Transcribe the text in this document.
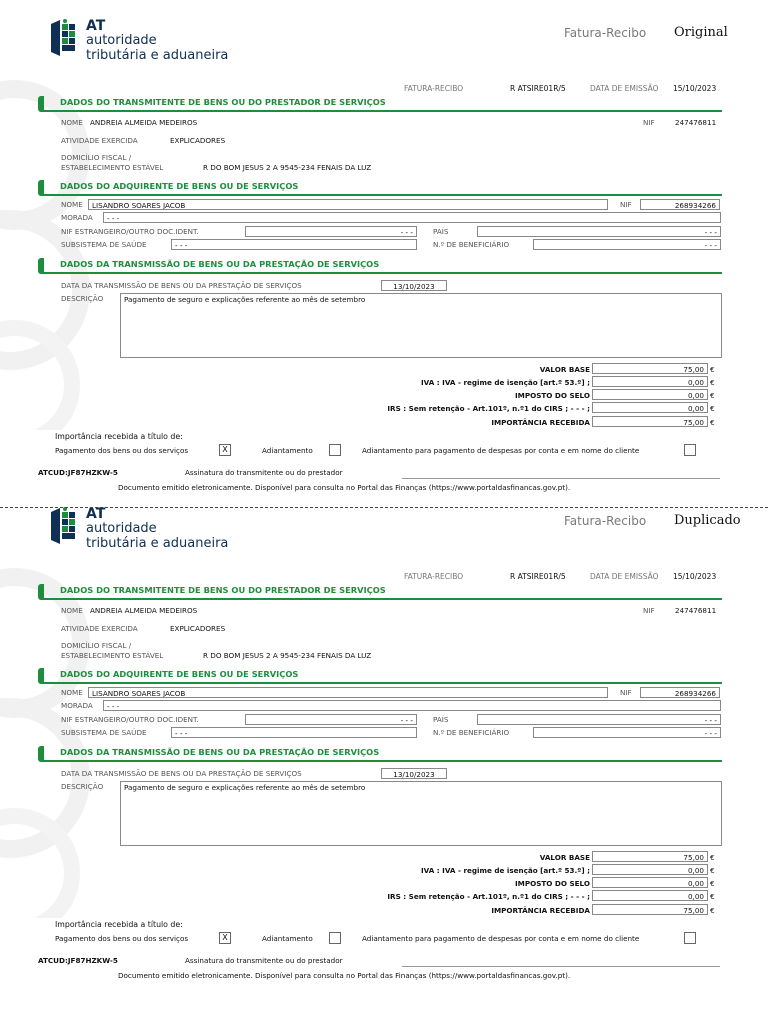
AT
autoridade
tributária e aduaneira
Fatura-Recibo Original
FATURA-RECIBO	R ATSIRE01R/5	DATA DE EMISSÃO 15/10/2023
DADOS DO TRANSMITENTE DE BENS OU DO PRESTADOR DE SERVIÇOS
NOME ANDREIA ALMEIDA MEDEIROS	NIF	247476811
ATIVIDADE EXERCIDA	EXPLICADORES
DOMICÍLIO FISCAL /
ESTABELECIMENTO ESTÁVEL	R DO BOM JESUS 2 A 9545-234 FENAIS DA LUZ
DADOS DO ADQUIRENTE DE BENS OU DE SERVIÇOS
NOME	LISANDRO SOARES JACOB	NIF	268934266
MORADA	- - -
NIF ESTRANGEIRO/OUTRO DOC.IDENT.	- - -	PAÍS	- - -
SUBSISTEMA DE SAÚDE	- - -	N.º DE BENEFICIÁRIO	- - -
DADOS DA TRANSMISSÃO DE BENS OU DA PRESTAÇÃO DE SERVIÇOS
DATA DA TRANSMISSÃO DE BENS OU DA PRESTAÇÃO DE SERVIÇOS	13/10/2023
DESCRIÇÃO	Pagamento de seguro e explicações referente ao mês de setembro
VALOR BASE	75,00 €
IVA : IVA - regime de isenção [art.º 53.º] ;	0,00 €
IMPOSTO DO SELO	0,00 €
IRS : Sem retenção - Art.101º, n.º1 do CIRS ; - - - ;	0,00 €
IMPORTÂNCIA RECEBIDA	75,00 €
Importância recebida a título de:
Pagamento dos bens ou dos serviços	X	Adiantamento	Adiantamento para pagamento de despesas por conta e em nome do cliente
ATCUD:JF87HZKW-5	Assinatura do transmitente ou do prestador
Documento emitido eletronicamente. Disponível para consulta no Portal das Finanças (https://www.portaldasfinancas.gov.pt).
AT
autoridade
tributária e aduaneira
Fatura-Recibo Duplicado
FATURA-RECIBO	R ATSIRE01R/5	DATA DE EMISSÃO 15/10/2023
DADOS DO TRANSMITENTE DE BENS OU DO PRESTADOR DE SERVIÇOS
NOME ANDREIA ALMEIDA MEDEIROS	NIF	247476811
ATIVIDADE EXERCIDA	EXPLICADORES
DOMICÍLIO FISCAL /
ESTABELECIMENTO ESTÁVEL	R DO BOM JESUS 2 A 9545-234 FENAIS DA LUZ
DADOS DO ADQUIRENTE DE BENS OU DE SERVIÇOS
NOME	LISANDRO SOARES JACOB	NIF	268934266
MORADA	- - -
NIF ESTRANGEIRO/OUTRO DOC.IDENT.	- - -	PAÍS	- - -
SUBSISTEMA DE SAÚDE	- - -	N.º DE BENEFICIÁRIO	- - -
DADOS DA TRANSMISSÃO DE BENS OU DA PRESTAÇÃO DE SERVIÇOS
DATA DA TRANSMISSÃO DE BENS OU DA PRESTAÇÃO DE SERVIÇOS	13/10/2023
DESCRIÇÃO	Pagamento de seguro e explicações referente ao mês de setembro
VALOR BASE	75,00 €
IVA : IVA - regime de isenção [art.º 53.º] ;	0,00 €
IMPOSTO DO SELO	0,00 €
IRS : Sem retenção - Art.101º, n.º1 do CIRS ; - - - ;	0,00 €
IMPORTÂNCIA RECEBIDA	75,00 €
Importância recebida a título de:
Pagamento dos bens ou dos serviços	X	Adiantamento	Adiantamento para pagamento de despesas por conta e em nome do cliente
ATCUD:JF87HZKW-5	Assinatura do transmitente ou do prestador
Documento emitido eletronicamente. Disponível para consulta no Portal das Finanças (https://www.portaldasfinancas.gov.pt).
